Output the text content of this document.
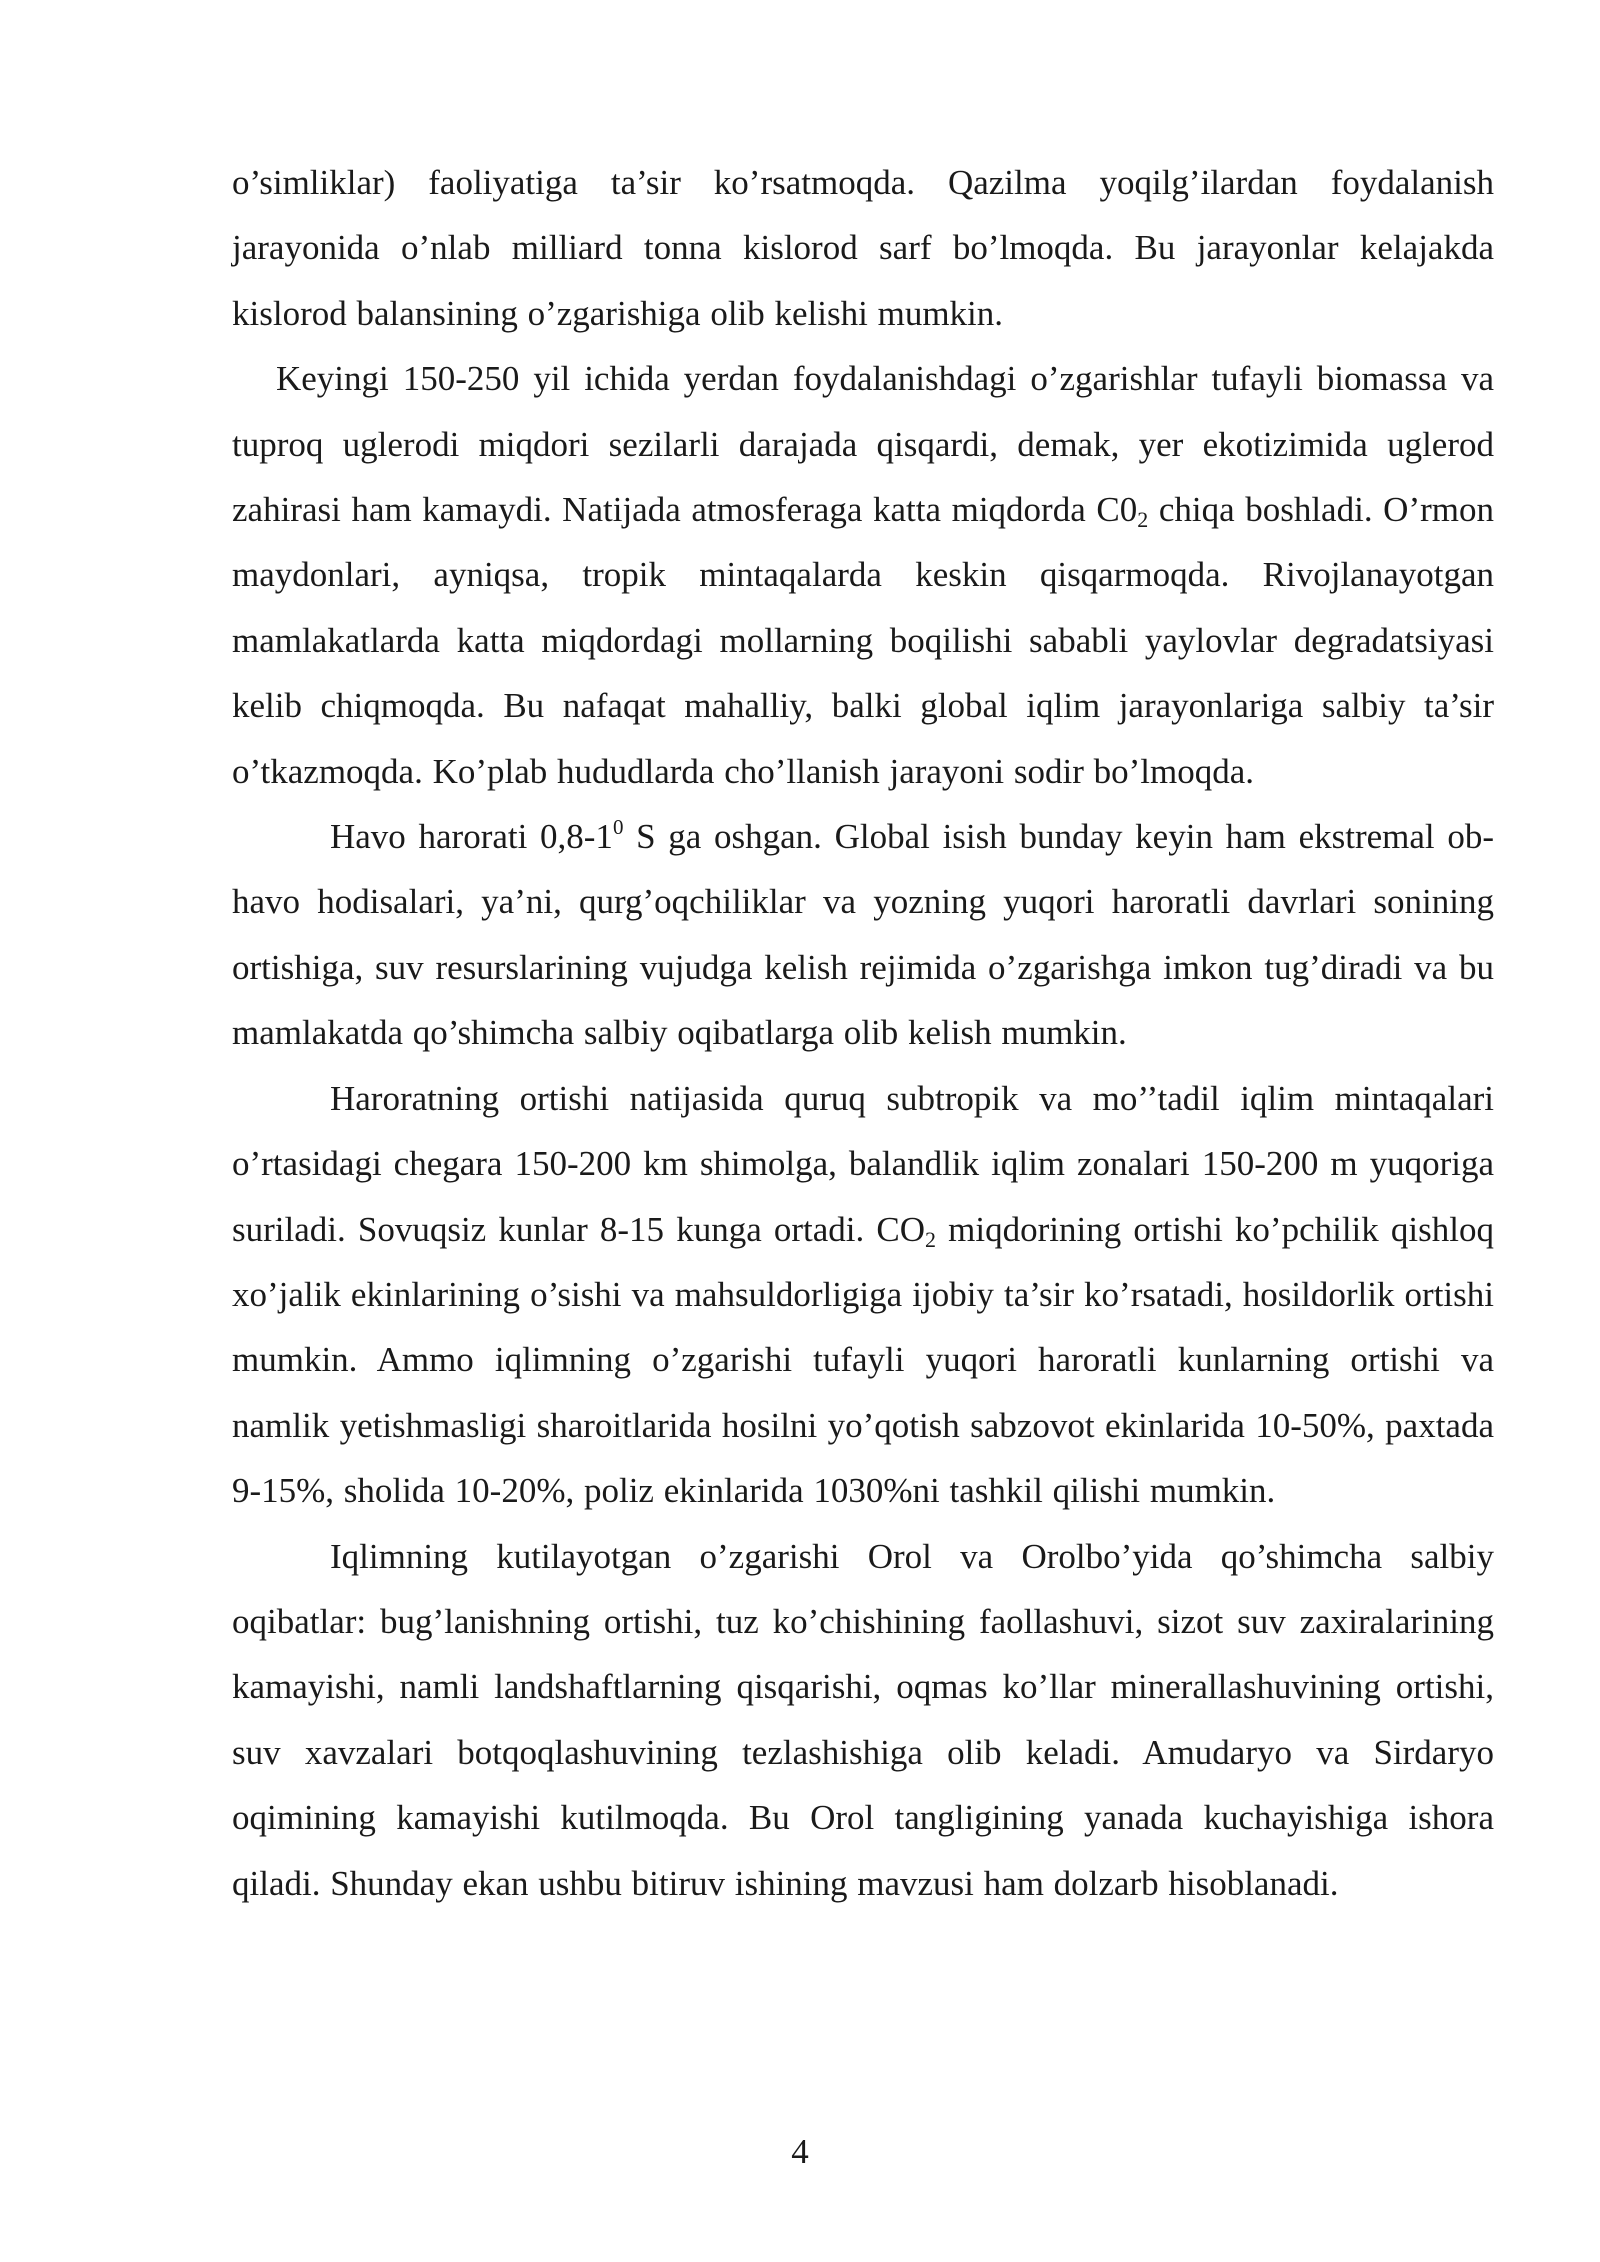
o’simliklar) faoliyatiga ta’sir ko’rsatmoqda. Qazilma yoqilg’ilardan foydalanish jarayonida o’nlab milliard tonna kislorod sarf bo’lmoqda. Bu jarayonlar kelajakda kislorod balansining o’zgarishiga olib kelishi mumkin.

Keyingi 150-250 yil ichida yerdan foydalanishdagi o’zgarishlar tufayli biomassa va tuproq uglerodi miqdori sezilarli darajada qisqardi, demak, yer ekotizimida uglerod zahirasi ham kamaydi. Natijada atmosferaga katta miqdorda C02 chiqa boshladi. O’rmon maydonlari, ayniqsa, tropik mintaqalarda keskin qisqarmoqda. Rivojlanayotgan mamlakatlarda katta miqdordagi mollarning boqilishi sababli yaylovlar degradatsiyasi kelib chiqmoqda. Bu nafaqat mahalliy, balki global iqlim jarayonlariga salbiy ta’sir o’tkazmoqda. Ko’plab hududlarda cho’llanish jarayoni sodir bo’lmoqda.

Havo harorati $0,8-1^0$ S ga oshgan. Global isish bunday keyin ham ekstremal ob-havo hodisalari, ya’ni, qurg’oqchiliklar va yozning yuqori haroratli davrlari sonining ortishiga, suv resurslarining vujudga kelish rejimida o’zgarishga imkon tug’diradi va bu mamlakatda qo’shimcha salbiy oqibatlarga olib kelish mumkin.

Haroratning ortishi natijasida quruq subtropik va mo’’tadil iqlim mintaqalari o’rtasidagi chegara 150-200 km shimolga, balandlik iqlim zonalari 150-200 m yuqoriga suriladi. Sovuqsiz kunlar 8-15 kunga ortadi. CO2 miqdorining ortishi ko’pchilik qishloq xo’jalik ekinlarining o’sishi va mahsuldorligiga ijobiy ta’sir ko’rsatadi, hosildorlik ortishi mumkin. Ammo iqlimning o’zgarishi tufayli yuqori haroratli kunlarning ortishi va namlik yetishmasligi sharoitlarida hosilni yo’qotish sabzovot ekinlarida 10-50%, paxtada 9-15%, sholida 10-20%, poliz ekinlarida 1030%ni tashkil qilishi mumkin.

Iqlimning kutilayotgan o’zgarishi Orol va Orolbo’yida qo’shimcha salbiy oqibatlar: bug’lanishning ortishi, tuz ko’chishining faollashuvi, sizot suv zaxiralarining kamayishi, namli landshaftlarning qisqarishi, oqmas ko’llar minerallashuvining ortishi, suv xavzalari botqoqlashuvining tezlashishiga olib keladi. Amudaryo va Sirdaryo oqimining kamayishi kutilmoqda. Bu Orol tangligining yanada kuchayishiga ishora qiladi. Shunday ekan ushbu bitiruv ishining mavzusi ham dolzarb hisoblanadi.

4
